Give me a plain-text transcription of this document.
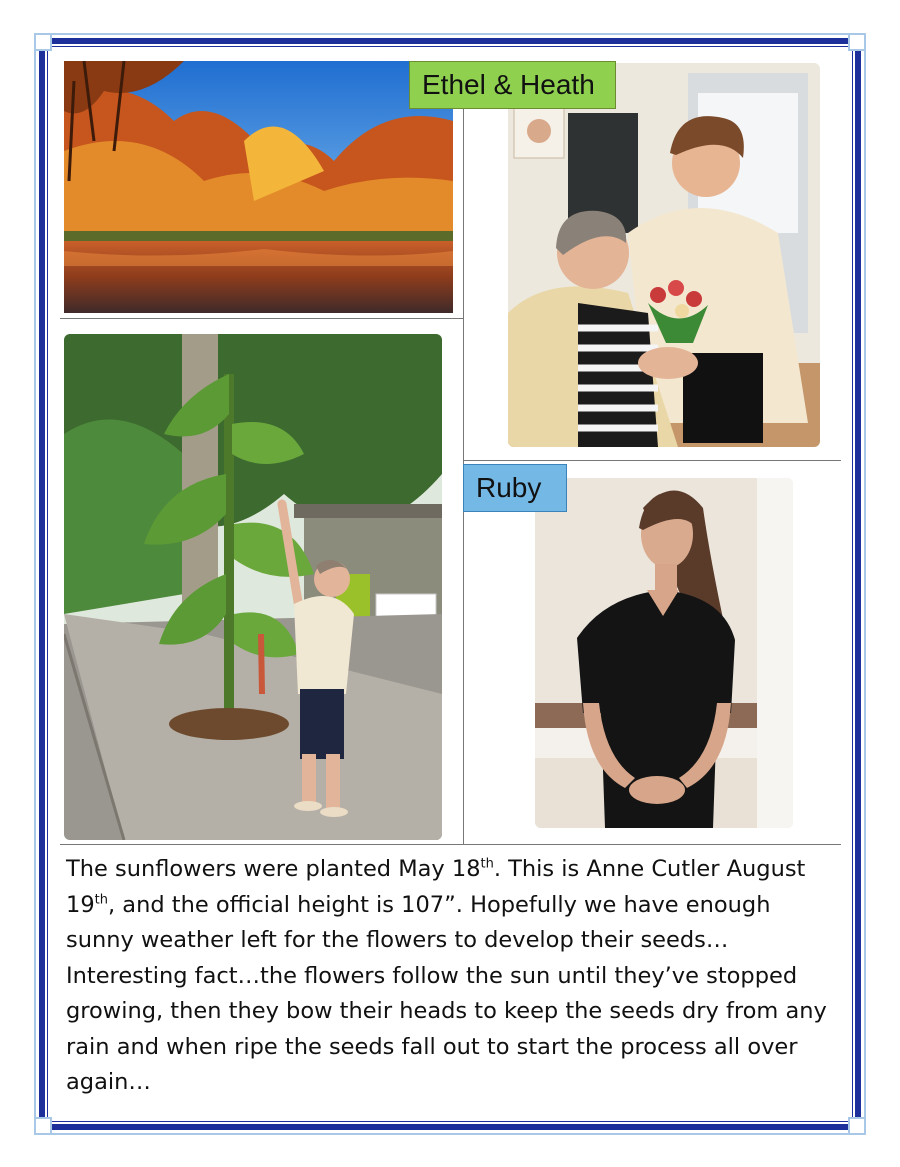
Ethel & Heath
Ruby

The sunflowers were planted May 18th. This is Anne Cutler August 19th, and the official height is 107”. Hopefully we have enough sunny weather left for the flowers to develop their seeds…

Interesting fact…the flowers follow the sun until they’ve stopped growing, then they bow their heads to keep the seeds dry from any rain and when ripe the seeds fall out to start the process all over again…
